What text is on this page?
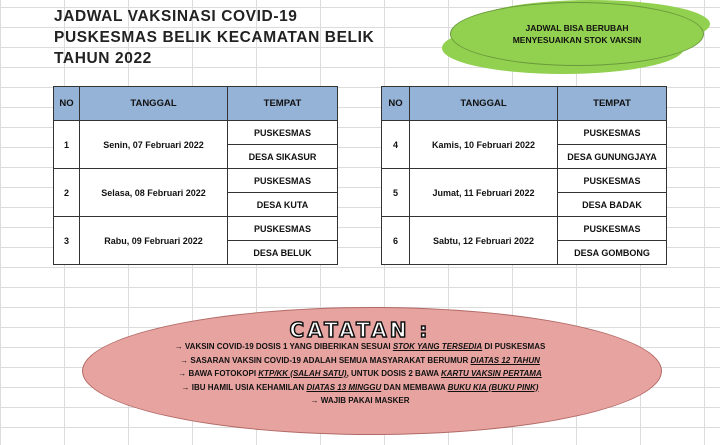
JADWAL VAKSINASI COVID-19
PUSKESMAS BELIK KECAMATAN BELIK
TAHUN 2022
JADWAL BISA BERUBAH
MENYESUAIKAN STOK VAKSIN
NO	TANGGAL	TEMPAT
1	Senin, 07 Februari 2022	PUSKESMAS
		DESA SIKASUR
2	Selasa, 08 Februari 2022	PUSKESMAS
		DESA KUTA
3	Rabu, 09 Februari 2022	PUSKESMAS
		DESA BELUK
NO	TANGGAL	TEMPAT
4	Kamis, 10 Februari 2022	PUSKESMAS
		DESA GUNUNGJAYA
5	Jumat, 11 Februari 2022	PUSKESMAS
		DESA BADAK
6	Sabtu, 12 Februari 2022	PUSKESMAS
		DESA GOMBONG
CATATAN :
→ VAKSIN COVID-19 DOSIS 1 YANG DIBERIKAN SESUAI STOK YANG TERSEDIA DI PUSKESMAS
→ SASARAN VAKSIN COVID-19 ADALAH SEMUA MASYARAKAT BERUMUR DIATAS 12 TAHUN
→ BAWA FOTOKOPI KTP/KK (SALAH SATU), UNTUK DOSIS 2 BAWA KARTU VAKSIN PERTAMA
→ IBU HAMIL USIA KEHAMILAN DIATAS 13 MINGGU DAN MEMBAWA BUKU KIA (BUKU PINK)
→ WAJIB PAKAI MASKER
